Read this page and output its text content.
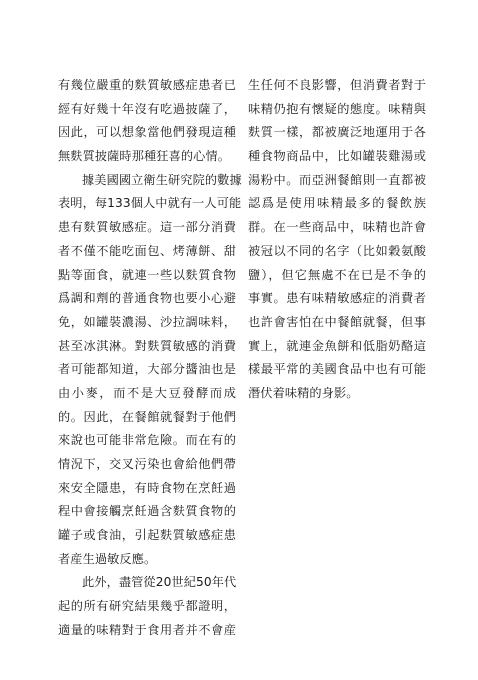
有幾位嚴重的麩質敏感症患者已
經有好幾十年沒有吃過披薩了，
因此，可以想象當他們發現這種
無麩質披薩時那種狂喜的心情。
據美國國立衛生研究院的數據
表明，每133個人中就有一人可能
患有麩質敏感症。這一部分消費
者不僅不能吃面包、烤薄餅、甜
點等面食，就連一些以麩質食物
爲調和劑的普通食物也要小心避
免，如罐裝濃湯、沙拉調味料，
甚至冰淇淋。對麩質敏感的消費
者可能都知道，大部分醬油也是
由小麥，而不是大豆發酵而成
的。因此，在餐館就餐對于他們
來說也可能非常危險。而在有的
情況下，交叉污染也會給他們帶
來安全隱患，有時食物在烹飪過
程中會接觸烹飪過含麩質食物的
罐子或食油，引起麩質敏感症患
者産生過敏反應。
此外，盡管從20世紀50年代
起的所有研究結果幾乎都證明，
適量的味精對于食用者并不會産
生任何不良影響，但消費者對于
味精仍抱有懷疑的態度。味精與
麩質一樣，都被廣泛地運用于各
種食物商品中，比如罐裝雞湯或
湯粉中。而亞洲餐館則一直都被
認爲是使用味精最多的餐飲族
群。在一些商品中，味精也許會
被冠以不同的名字（比如穀氨酸
鹽），但它無處不在已是不争的
事實。患有味精敏感症的消費者
也許會害怕在中餐館就餐，但事
實上，就連金魚餅和低脂奶酪這
樣最平常的美國食品中也有可能
潛伏着味精的身影。
